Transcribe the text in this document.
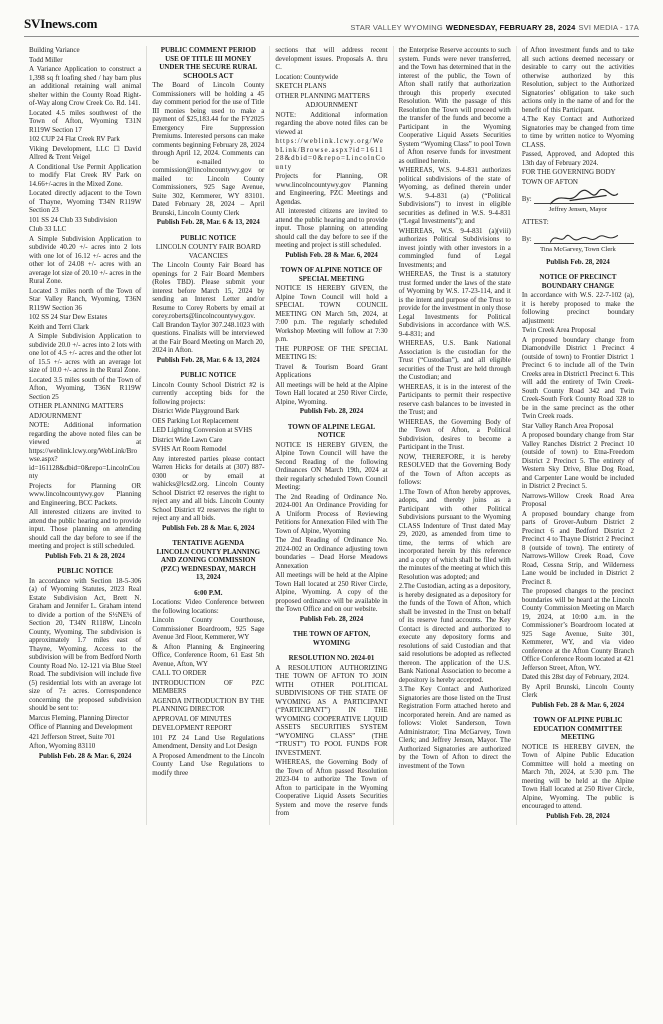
SVInews.com	STAR VALLEY WYOMING WEDNESDAY, FEBRUARY 28, 2024 SVI MEDIA - 17A
Building Variance
Todd Miller
A Variance Application to construct a 1,398 sq ft loafing shed / hay barn plus an additional retaining wall animal shelter within the County Road Right-of-Way along Crow Creek Co. Rd. 141.
Located 4.5 miles southwest of the Town of Afton, Wyoming T31N R119W Section 17
102 CUP 24 Flat Creek RV Park
Viking Development, LLC ☐ David Allred & Trent Veigel
A Conditional Use Permit Application to modify Flat Creek RV Park on 14.66+/-acres in the Mixed Zone.
Located directly adjacent to the Town of Thayne, Wyoming T34N R119W Section 23
101 SS 24 Club 33 Subdivision
Club 33 LLC
A Simple Subdivision Application to subdivide 40.20 +/- acres into 2 lots with one lot of 16.12 +/- acres and the other lot of 24.08 +/- acres with an average lot size of 20.10 +/- acres in the Rural Zone.
Located 3 miles north of the Town of Star Valley Ranch, Wyoming, T36N R119W Section 36
102 SS 24 Star Dew Estates
Keith and Terri Clark
A Simple Subdivision Application to subdivide 20.0 +/- acres into 2 lots with one lot of 4.5 +/- acres and the other lot of 15.5 +/- acres with an average lot size of 10.0 +/- acres in the Rural Zone.
Located 3.5 miles south of the Town of Afton, Wyoming, T36N R119W Section 25
OTHER PLANNING MATTERS
ADJOURNMENT
NOTE: Additional information regarding the above noted files can be viewed at https://weblink.lcwy.org/WebLink/Browse.aspx?id=161128&dbid=0&repo=LincolnCounty
Projects for Planning OR www.lincolncountywy.gov Planning and Engineering, BCC Packets.
All interested citizens are invited to attend the public hearing and to provide input. Those planning on attending should call the day before to see if the meeting and project is still scheduled.
Publish Feb. 21 & 28, 2024
PUBLIC NOTICE
In accordance with Section 18-5-306 (a) of Wyoming Statutes, 2023 Real Estate Subdivision Act, Brett N. Graham and Jennifer L. Graham intend to divide a portion of the S½NE¼ of Section 20, T34N R118W, Lincoln County, Wyoming. The subdivision is approximately 1.7 miles east of Thayne, Wyoming. Access to the subdivision will be from Bedford North County Road No. 12-121 via Blue Steel Road. The subdivision will include five (5) residential lots with an average lot size of 7± acres. Correspondence concerning the proposed subdivision should be sent to:
Marcus Fleming, Planning Director
Office of Planning and Development
421 Jefferson Street, Suite 701
Afton, Wyoming 83110
Publish Feb. 28 & Mar. 6, 2024
PUBLIC COMMENT PERIOD USE OF TITLE III MONEY UNDER THE SECURE RURAL SCHOOLS ACT
The Board of Lincoln County Commissioners will be holding a 45 day comment period for the use of Title III monies being used to make a payment of $25,183.44 for the FY2025 Emergency Fire Suppression Premiums. Interested persons can make comments beginning February 28, 2024 through April 12, 2024. Comments can be e-mailed to commission@lincolncountywy.gov or mailed to: Lincoln County Commissioners, 925 Sage Avenue, Suite 302, Kemmerer, WY 83101. Dated February 28, 2024 – April Brunski, Lincoln County Clerk
Publish Feb. 28, Mar. 6 & 13, 2024
PUBLIC NOTICE
LINCOLN COUNTY FAIR BOARD VACANCIES
The Lincoln County Fair Board has openings for 2 Fair Board Members (Roles TBD). Please submit your interest before March 15, 2024 by sending an Interest Letter and/or Resume to Corey Roberts by email at corey.roberts@lincolncountywy.gov. Call Brandon Taylor 307.248.1023 with questions. Finalists will be interviewed at the Fair Board Meeting on March 20, 2024 in Afton.
Publish Feb. 28, Mar. 6 & 13, 2024
PUBLIC NOTICE
Lincoln County School District #2 is currently accepting bids for the following projects:
District Wide Playground Bark
OES Parking Lot Replacement
LED Lighting Conversion at SVHS
District Wide Lawn Care
SVHS Art Room Remodel
Any interested parties please contact Warren Hicks for details at (307) 887-0300 or by email at wahicks@lcsd2.org. Lincoln County School District #2 reserves the right to reject any and all bids. Lincoln County School District #2 reserves the right to reject any and all bids.
Publish Feb. 28 & Mar. 6, 2024
TENTATIVE AGENDA LINCOLN COUNTY PLANNING AND ZONING COMMISSION (PZC) WEDNESDAY, MARCH 13, 2024
6:00 P.M.
Locations: Video Conference between the following locations:
Lincoln County Courthouse, Commissioner Boardroom, 925 Sage Avenue 3rd Floor, Kemmerer, WY
& Afton Planning & Engineering Office, Conference Room, 61 East 5th Avenue, Afton, WY
CALL TO ORDER
INTRODUCTION OF PZC MEMBERS
AGENDA INTRODUCTION BY THE PLANNING DIRECTOR
APPROVAL OF MINUTES
DEVELOPMENT REPORT
101 PZ 24 Land Use Regulations Amendment, Density and Lot Design
A Proposed Amendment to the Lincoln County Land Use Regulations to modify three
sections that will address recent development issues. Proposals A. thru C.
Location: Countywide
SKETCH PLANS
OTHER PLANNING MATTERS
ADJOURNMENT
NOTE: Additional information regarding the above noted files can be viewed at
https://weblink.lcwy.org/WebLink/Browse.aspx?id=161128&dbid=0&repo=LincolnCounty
Projects for Planning, OR www.lincolncountywy.gov Planning and Engineering, PZC Meetings and Agendas.
All interested citizens are invited to attend the public hearing and to provide input. Those planning on attending should call the day before to see if the meeting and project is still scheduled.
Publish Feb. 28 & Mar. 6, 2024
TOWN OF ALPINE NOTICE OF SPECIAL MEETING
NOTICE IS HEREBY GIVEN, the Alpine Town Council will hold a SPECIAL TOWN COUNCIL MEETING ON March 5th, 2024, at 7:00 p.m. The regularly scheduled Workshop Meeting will follow at 7:30 p.m.
THE PURPOSE OF THE SPECIAL MEETING IS:
Travel & Tourism Board Grant Applications
All meetings will be held at the Alpine Town Hall located at 250 River Circle, Alpine, Wyoming.
Publish Feb. 28, 2024
TOWN OF ALPINE LEGAL NOTICE
NOTICE IS HEREBY GIVEN, the Alpine Town Council will have the Second Reading of the following Ordinances ON March 19th, 2024 at their regularly scheduled Town Council Meeting:
The 2nd Reading of Ordinance No. 2024-001 An Ordinance Providing for A Uniform Process of Reviewing Petitions for Annexation Filed with The Town of Alpine, Wyoming
The 2nd Reading of Ordinance No. 2024-002 an Ordinance adjusting town boundaries – Dead Horse Meadows Annexation
All meetings will be held at the Alpine Town Hall located at 250 River Circle, Alpine, Wyoming. A copy of the proposed ordinance will be available in the Town Office and on our website.
Publish Feb. 28, 2024
THE TOWN OF AFTON, WYOMING
RESOLUTION NO. 2024-01
A RESOLUTION AUTHORIZING THE TOWN OF AFTON TO JOIN WITH OTHER POLITICAL SUBDIVISIONS OF THE STATE OF WYOMING AS A PARTICIPANT (“PARTICIPANT”) IN THE WYOMING COOPERATIVE LIQUID ASSETS SECURITIES SYSTEM “WYOMING CLASS” (THE “TRUST”) TO POOL FUNDS FOR INVESTMENT.
WHEREAS, the Governing Body of the Town of Afton passed Resolution 2023-04 to authorize The Town of Afton to participate in the Wyoming Cooperative Liquid Assets Securities System and move the reserve funds from
the Enterprise Reserve accounts to such system. Funds were never transferred, and the Town has determined that in the interest of the public, the Town of Afton shall ratify that authorization through this properly executed Resolution. With the passage of this Resolution the Town will proceed with the transfer of the funds and become a Participant in the Wyoming Cooperative Liquid Assets Securities System “Wyoming Class” to pool Town of Afton reserve funds for investment as outlined herein.
WHEREAS, W.S. 9-4-831 authorizes political subdivisions of the state of Wyoming, as defined therein under W.S. 9-4-831 (a) (“Political Subdivisions”) to invest in eligible securities as defined in W.S. 9-4-831 (“Legal Investments”); and
WHEREAS, W.S. 9-4-831 (a)(viii) authorizes Political Subdivisions to invest jointly with other investors in a commingled fund of Legal Investments; and
WHEREAS, the Trust is a statutory trust formed under the laws of the state of Wyoming by W.S. 17-23-114, and it is the intent and purpose of the Trust to provide for the investment in only those Legal Investments for Political Subdivisions in accordance with W.S. 9-4-831; and
WHEREAS, U.S. Bank National Association is the custodian for the Trust (“Custodian”), and all eligible securities of the Trust are held through the Custodian; and
WHEREAS, it is in the interest of the Participants to permit their respective reserve cash balances to be invested in the Trust; and
WHEREAS, the Governing Body of the Town of Afton, a Political Subdivision, desires to become a Participant in the Trust.
NOW, THEREFORE, it is hereby RESOLVED that the Governing Body of the Town of Afton accepts as follows:
1.The Town of Afton hereby approves, adopts, and thereby joins as a Participant with other Political Subdivisions pursuant to the Wyoming CLASS Indenture of Trust dated May 29, 2020, as amended from time to time, the terms of which are incorporated herein by this reference and a copy of which shall be filed with the minutes of the meeting at which this Resolution was adopted; and
2.The Custodian, acting as a depository, is hereby designated as a depository for the funds of the Town of Afton, which shall be invested in the Trust on behalf of its reserve fund accounts. The Key Contact is directed and authorized to execute any depository forms and resolutions of said Custodian and that said resolutions be adopted as reflected thereon. The application of the U.S. Bank National Association to become a depository is hereby accepted.
3.The Key Contact and Authorized Signatories are those listed on the Trust Registration Form attached hereto and incorporated herein. And are named as follows: Violet Sanderson, Town Administrator; Tina McGarvey, Town Clerk; and Jeffrey Jenson, Mayor. The Authorized Signatories are authorized by the Town of Afton to direct the investment of the Town
of Afton investment funds and to take all such actions deemed necessary or desirable to carry out the activities otherwise authorized by this Resolution, subject to the Authorized Signatories’ obligation to take such actions only in the name of and for the benefit of this Participant.
4.The Key Contact and Authorized Signatories may be changed from time to time by written notice to Wyoming CLASS.
Passed, Approved, and Adopted this 13th day of February 2024.
FOR THE GOVERNING BODY
TOWN OF AFTON
By:
Jeffrey Jensen, Mayor
ATTEST:
By:
Tina McGarvey, Town Clerk
Publish Feb. 28, 2024
NOTICE OF PRECINCT BOUNDARY CHANGE
In accordance with W.S. 22-7-102 (a), it is hereby proposed to make the following precinct boundary adjustment:
Twin Creek Area Proposal
A proposed boundary change from Diamondville District 1 Precinct 4 (outside of town) to Frontier District 1 Precinct 6 to include all of the Twin Creeks area in District1 Precinct 6. This will add the entirety of Twin Creek-South County Road 342 and Twin Creek-South Fork County Road 328 to be in the same precinct as the other Twin Creek roads.
Star Valley Ranch Area Proposal
A proposed boundary change from Star Valley Ranches District 2 Precinct 10 (outside of town) to Etna-Freedom District 2 Precinct 5. The entirety of Western Sky Drive, Blue Dog Road, and Carpenter Lane would be included in District 2 Precinct 5.
Narrows-Willow Creek Road Area Proposal
A proposed boundary change from parts of Grover-Auburn District 2 Precinct 6 and Bedford District 2 Precinct 4 to Thayne District 2 Precinct 8 (outside of town). The entirety of Narrows-Willow Creek Road, Cove Road, Cessna Strip, and Wilderness Lane would be included in District 2 Precinct 8.
The proposed changes to the precinct boundaries will be heard at the Lincoln County Commission Meeting on March 19, 2024, at 10:00 a.m. in the Commissioner’s Boardroom located at 925 Sage Avenue, Suite 301, Kemmerer, WY, and via video conference at the Afton County Branch Office Conference Room located at 421 Jefferson Street, Afton, WY.
Dated this 28st day of February, 2024.
By April Brunski, Lincoln County Clerk
Publish Feb. 28 & Mar. 6, 2024
TOWN OF ALPINE PUBLIC EDUCATION COMMITTEE MEETING
NOTICE IS HEREBY GIVEN, the Town of Alpine Public Education Committee will hold a meeting on March 7th, 2024, at 5:30 p.m. The meeting will be held at the Alpine Town Hall located at 250 River Circle, Alpine, Wyoming. The public is encouraged to attend.
Publish Feb. 28, 2024
